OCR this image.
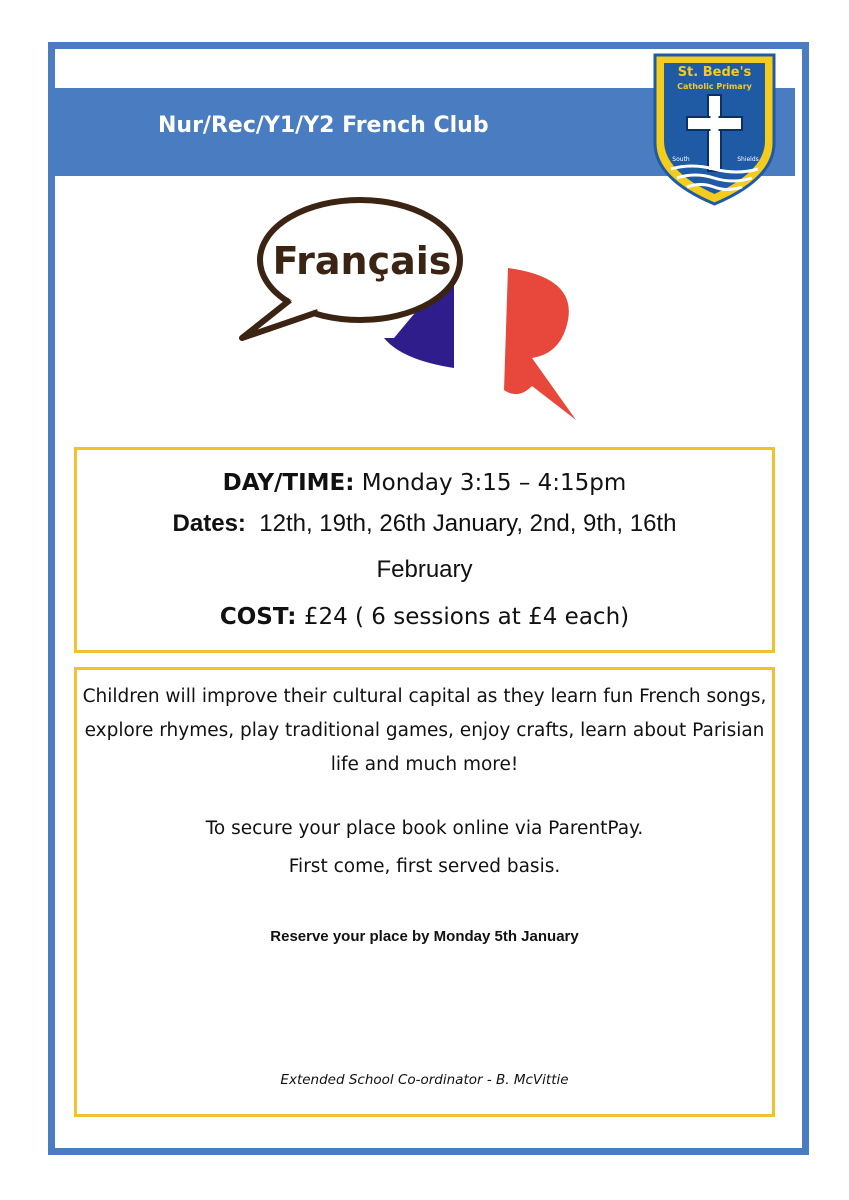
Nur/Rec/Y1/Y2 French Club
St. Bede's
Catholic Primary
South	Shields
Français
DAY/TIME: Monday 3:15 – 4:15pm
Dates: 12th, 19th, 26th January, 2nd, 9th, 16th
February
COST: £24 ( 6 sessions at £4 each)
Children will improve their cultural capital as they learn fun French songs,
explore rhymes, play traditional games, enjoy crafts, learn about Parisian
life and much more!
To secure your place book online via ParentPay.
First come, first served basis.
Reserve your place by Monday 5th January
Extended School Co-ordinator - B. McVittie
